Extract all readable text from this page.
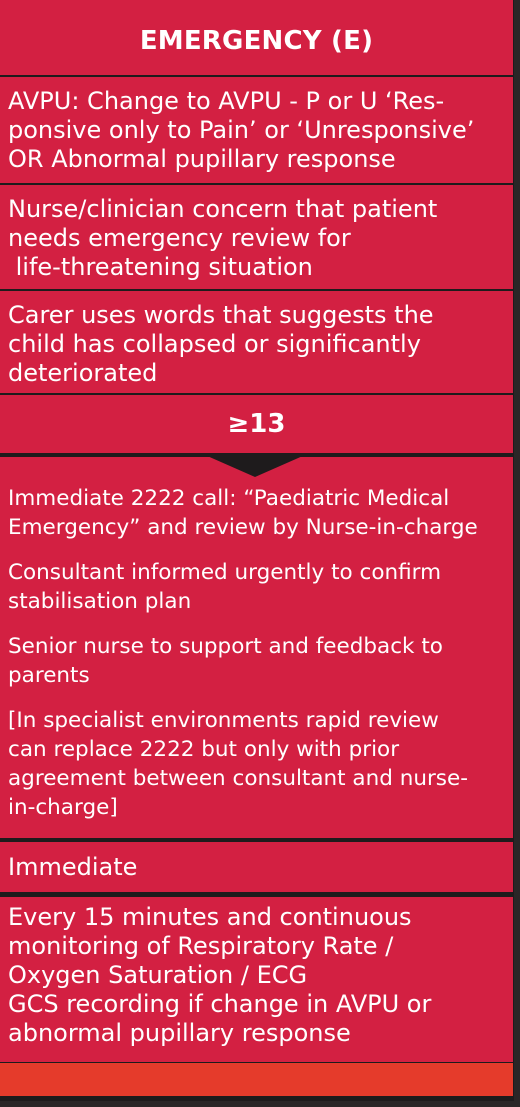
EMERGENCY (E)
AVPU: Change to AVPU - P or U ‘Res-
ponsive only to Pain’ or ‘Unresponsive’
OR Abnormal pupillary response
Nurse/clinician concern that patient
needs emergency review for
life-threatening situation
Carer uses words that suggests the
child has collapsed or significantly
deteriorated
≥13

Immediate 2222 call: “Paediatric Medical
Emergency” and review by Nurse-in-charge

Consultant informed urgently to confirm
stabilisation plan

Senior nurse to support and feedback to
parents

[In specialist environments rapid review
can replace 2222 but only with prior
agreement between consultant and nurse-
in-charge]

Immediate
Every 15 minutes and continuous
monitoring of Respiratory Rate /
Oxygen Saturation / ECG
GCS recording if change in AVPU or
abnormal pupillary response
